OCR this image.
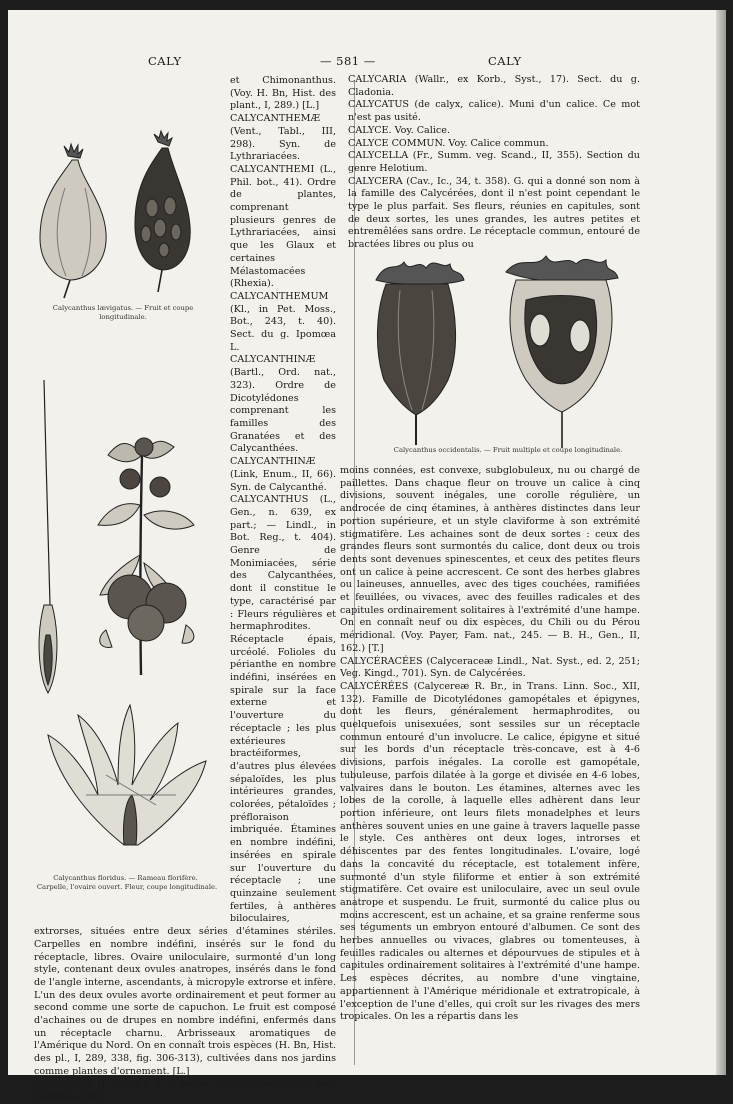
CALY	— 581 —	CALY
Calycanthus lævigatus. — Fruit et coupe longitudinale.
Calycanthus floridus. — Rameau florifère.
Carpelle, l'ovaire ouvert. Fleur, coupe longitudinale.
Calycanthus occidentalis. — Fruit multiple et coupe longitudinale.

et Chimonanthus. (Voy. H. Bn, Hist. des plant., I, 289.) [L.]

CALYCANTHEMÆ (Vent., Tabl., III, 298). Syn. de Lythrariacées.

CALYCANTHEMI (L., Phil. bot., 41). Ordre de plantes, comprenant plusieurs genres de Lythrariacées, ainsi que les Glaux et certaines Mélastomacées (Rhexia).

CALYCANTHEMUM (Kl., in Pet. Moss., Bot., 243, t. 40). Sect. du g. Ipomœa L.

CALYCANTHINÆ (Bartl., Ord. nat., 323). Ordre de Dicotylédones comprenant les familles des Granatées et des Calycanthées.

CALYCANTHINÆ (Link, Enum., II, 66). Syn. de Calycanthé.

CALYCANTHUS (L., Gen., n. 639, ex part.; — Lindl., in Bot. Reg., t. 404). Genre de Monimiacées, série des Calycanthées, dont il constitue le type, caractérisé par : Fleurs régulières et hermaphrodites. Réceptacle épais, urcéolé. Folioles du périanthe en nombre indéfini, insérées en spirale sur la face externe et l'ouverture du réceptacle ; les plus extérieures bractéiformes, d'autres plus élevées sépaloïdes, les plus intérieures grandes, colorées, pétaloïdes ; préfloraison imbriquée. Étamines en nombre indéfini, insérées en spirale sur l'ouverture du réceptacle ; une quinzaine seulement fertiles, à anthères biloculaires, extrorses, situées entre deux séries d'étamines stériles. Carpelles en nombre indéfini, insérés sur le fond du réceptacle, libres. Ovaire uniloculaire, surmonté d'un long style, contenant deux ovules anatropes, insérés dans le fond de l'angle interne, ascendants, à micropyle extrorse et infère. L'un des deux ovules avorte ordinairement et peut former au second comme une sorte de capuchon. Le fruit est composé d'achaines ou de drupes en nombre indéfini, enfermés dans un réceptacle charnu. Arbrisseaux aromatiques de l'Amérique du Nord. On en connaît trois espèces (H. Bn, Hist. des pl., I, 289, 338, fig. 306-313), cultivées dans nos jardins comme plantes d'ornement. [L.]

CALYCARIA (J. Muell.). A la même signification que le mot Cladonia. [N.]

CALYCARIA (Wallr., ex Korb., Syst., 17). Sect. du g. Cladonia.

CALYCATUS (de calyx, calice). Muni d'un calice. Ce mot n'est pas usité.

CALYCE. Voy. Calice.

CALYCE COMMUN. Voy. Calice commun.

CALYCELLA (Fr., Summ. veg. Scand., II, 355). Section du genre Helotium.

CALYCERA (Cav., Ic., 34, t. 358). G. qui a donné son nom à la famille des Calycérées, dont il n'est point cependant le type le plus parfait. Ses fleurs, réunies en capitules, sont de deux sortes, les unes grandes, les autres petites et entremêlées sans ordre. Le réceptacle commun, entouré de bractées libres ou plus ou

moins connées, est convexe, subglobuleux, nu ou chargé de paillettes. Dans chaque fleur on trouve un calice à cinq divisions, souvent inégales, une corolle régulière, un androcée de cinq étamines, à anthères distinctes dans leur portion supérieure, et un style claviforme à son extrémité stigmatifère. Les achaines sont de deux sortes : ceux des grandes fleurs sont surmontés du calice, dont deux ou trois dents sont devenues spinescentes, et ceux des petites fleurs ont un calice à peine accrescent. Ce sont des herbes glabres ou laineuses, annuelles, avec des tiges couchées, ramifiées et feuillées, ou vivaces, avec des feuilles radicales et des capitules ordinairement solitaires à l'extrémité d'une hampe. On en connaît neuf ou dix espèces, du Chili ou du Pérou méridional. (Voy. Payer, Fam. nat., 245. — B. H., Gen., II, 162.) [T.]

CALYCÉRACÉES (Calyceraceæ Lindl., Nat. Syst., ed. 2, 251; Veg. Kingd., 701). Syn. de Calycérées.

CALYCÉRÉES (Calycereæ R. Br., in Trans. Linn. Soc., XII, 132). Famille de Dicotylédones gamopétales et épigynes, dont les fleurs, généralement hermaphrodites, ou quelquefois unisexuées, sont sessiles sur un réceptacle commun entouré d'un involucre. Le calice, épigyne et situé sur les bords d'un réceptacle très-concave, est à 4-6 divisions, parfois inégales. La corolle est gamopétale, tubuleuse, parfois dilatée à la gorge et divisée en 4-6 lobes, valvaires dans le bouton. Les étamines, alternes avec les lobes de la corolle, à laquelle elles adhèrent dans leur portion inférieure, ont leurs filets monadelphes et leurs anthères souvent unies en une gaine à travers laquelle passe le style. Ces anthères ont deux loges, introrses et déhiscentes par des fentes longitudinales. L'ovaire, logé dans la concavité du réceptacle, est totalement infère, surmonté d'un style filiforme et entier à son extrémité stigmatifère. Cet ovaire est uniloculaire, avec un seul ovule anatrope et suspendu. Le fruit, surmonté du calice plus ou moins accrescent, est un achaine, et sa graine renferme sous ses téguments un embryon entouré d'albumen. Ce sont des herbes annuelles ou vivaces, glabres ou tomenteuses, à feuilles radicales ou alternes et dépourvues de stipules et à capitules ordinairement solitaires à l'extrémité d'une hampe. Les espèces décrites, au nombre d'une vingtaine, appartiennent à l'Amérique méridionale et extratropicale, à l'exception de l'une d'elles, qui croît sur les rivages des mers tropicales. On les a répartis dans les
